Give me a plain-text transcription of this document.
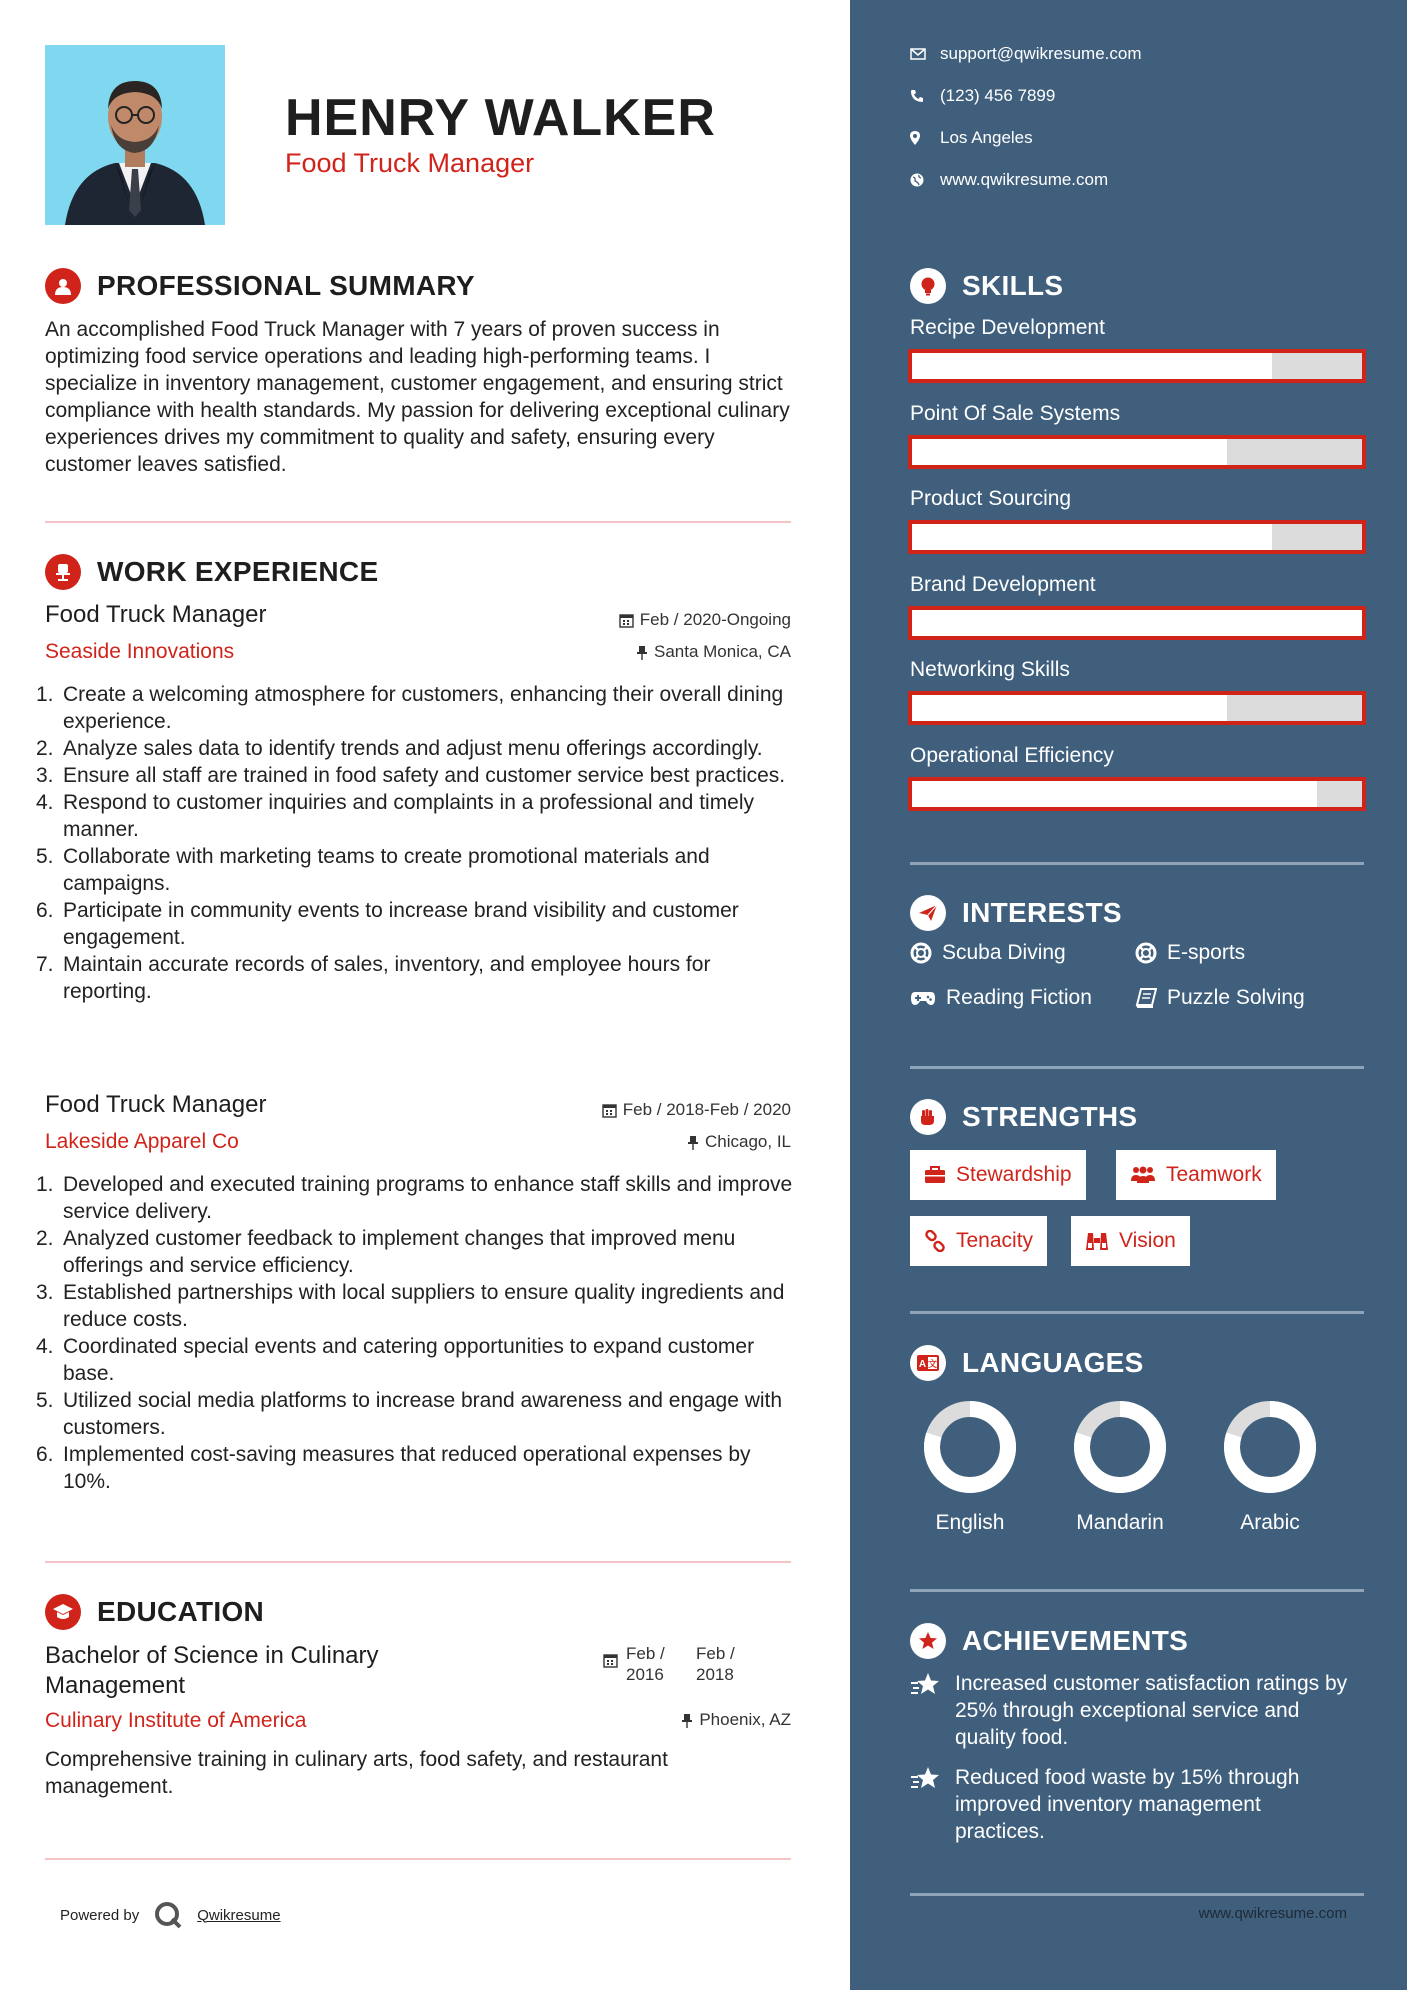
HENRY WALKER
Food Truck Manager
PROFESSIONAL SUMMARY
An accomplished Food Truck Manager with 7 years of proven success in optimizing food service operations and leading high-performing teams. I specialize in inventory management, customer engagement, and ensuring strict compliance with health standards. My passion for delivering exceptional culinary experiences drives my commitment to quality and safety, ensuring every customer leaves satisfied.
WORK EXPERIENCE
Food Truck Manager
Seaside Innovations
Feb / 2020-Ongoing
Santa Monica, CA
1. Create a welcoming atmosphere for customers, enhancing their overall dining experience.
2. Analyze sales data to identify trends and adjust menu offerings accordingly.
3. Ensure all staff are trained in food safety and customer service best practices.
4. Respond to customer inquiries and complaints in a professional and timely manner.
5. Collaborate with marketing teams to create promotional materials and campaigns.
6. Participate in community events to increase brand visibility and customer engagement.
7. Maintain accurate records of sales, inventory, and employee hours for reporting.
Food Truck Manager
Lakeside Apparel Co
Feb / 2018-Feb / 2020
Chicago, IL
1. Developed and executed training programs to enhance staff skills and improve service delivery.
2. Analyzed customer feedback to implement changes that improved menu offerings and service efficiency.
3. Established partnerships with local suppliers to ensure quality ingredients and reduce costs.
4. Coordinated special events and catering opportunities to expand customer base.
5. Utilized social media platforms to increase brand awareness and engage with customers.
6. Implemented cost-saving measures that reduced operational expenses by 10%.
EDUCATION
Bachelor of Science in Culinary
Management
Culinary Institute of America
Feb /
2016
Feb /
2018
Phoenix, AZ
Comprehensive training in culinary arts, food safety, and restaurant management.
Powered by	Qwikresume
support@qwikresume.com
(123) 456 7899
Los Angeles
www.qwikresume.com
SKILLS
Recipe Development
Point Of Sale Systems
Product Sourcing
Brand Development
Networking Skills
Operational Efficiency
INTERESTS
Scuba Diving	E-sports
Reading Fiction	Puzzle Solving
STRENGTHS
Stewardship	Teamwork
Tenacity	Vision
A 文 LANGUAGES
English	Mandarin	Arabic
ACHIEVEMENTS
Increased customer satisfaction ratings by 25% through exceptional service and quality food.
Reduced food waste by 15% through improved inventory management practices.
www.qwikresume.com
